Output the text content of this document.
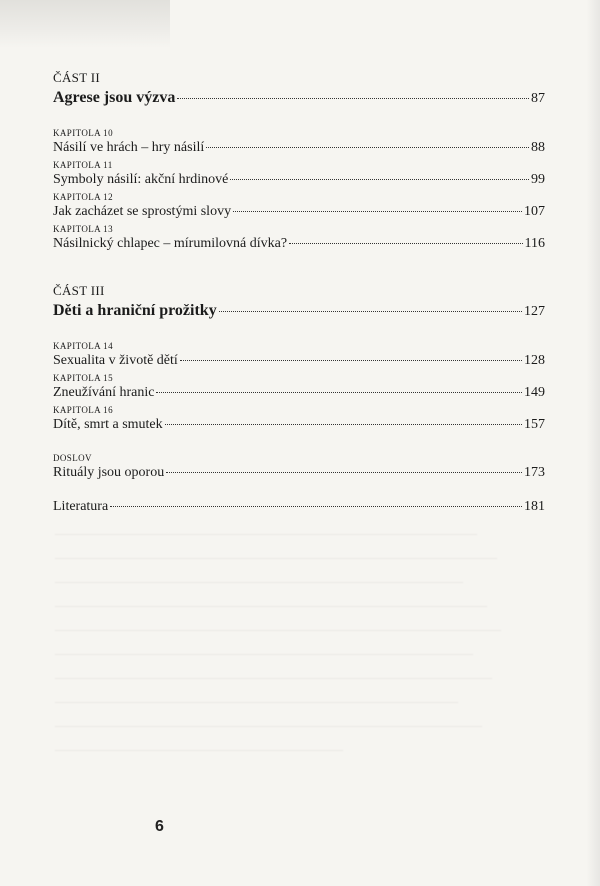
ČÁST II
Agrese jsou výzva	87
KAPITOLA 10
Násilí ve hrách – hry násilí	88
KAPITOLA 11
Symboly násilí: akční hrdinové	99
KAPITOLA 12
Jak zacházet se sprostými slovy	107
KAPITOLA 13
Násilnický chlapec – mírumilovná dívka?	116
ČÁST III
Děti a hraniční prožitky	127
KAPITOLA 14
Sexualita v životě dětí	128
KAPITOLA 15
Zneužívání hranic	149
KAPITOLA 16
Dítě, smrt a smutek	157
DOSLOV
Rituály jsou oporou	173
Literatura	181
6
